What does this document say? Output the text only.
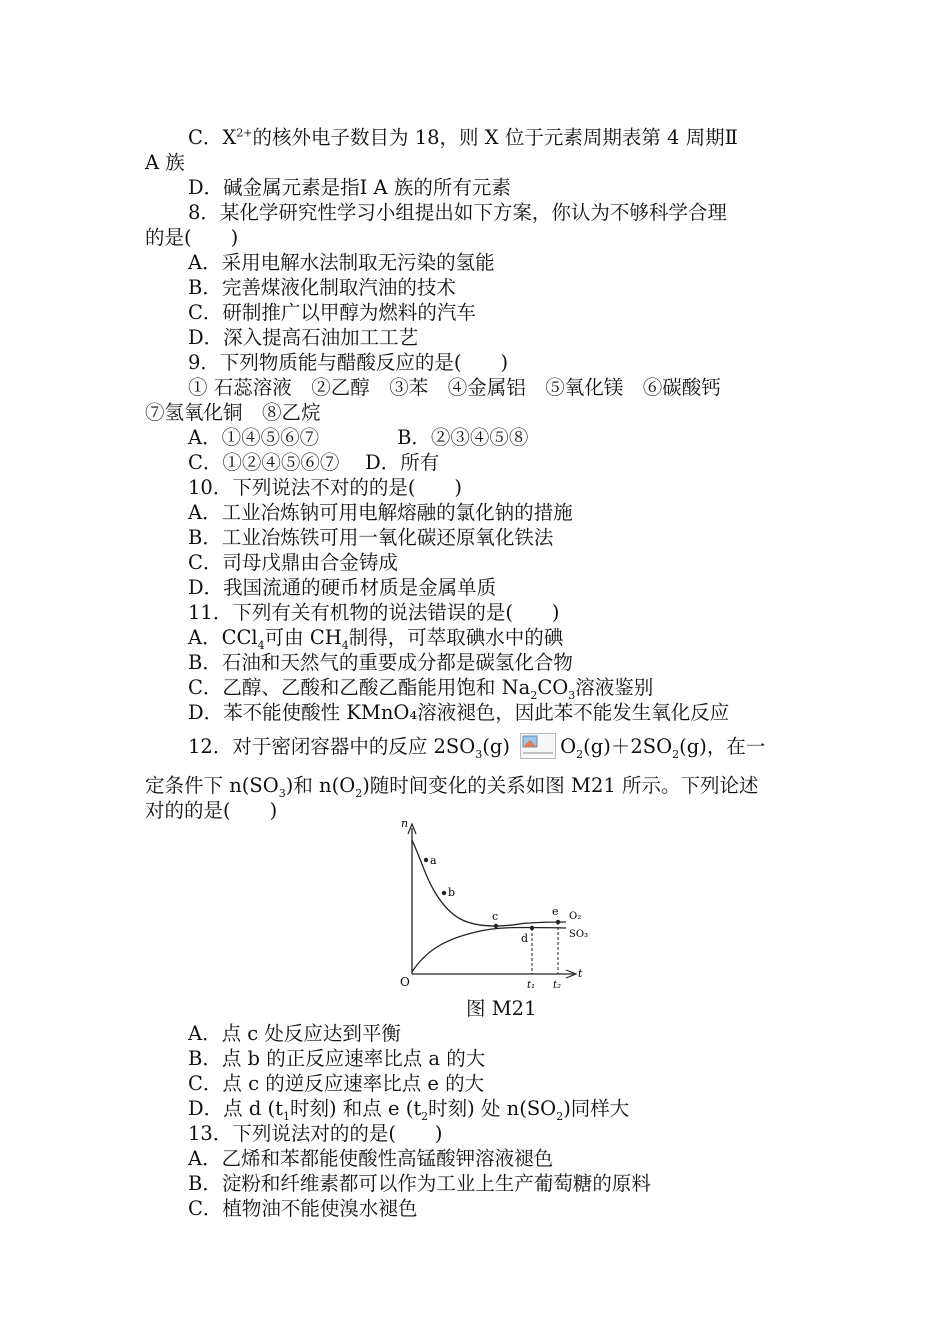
C．$X^{2+}$的核外电子数目为 18，则 X 位于元素周期表第 4 周期Ⅱ
A 族
D．碱金属元素是指Ⅰ A 族的所有元素
8．某化学研究性学习小组提出如下方案，你认为不够科学合理
的是(　　)
A．采用电解水法制取无污染的氢能
B．完善煤液化制取汽油的技术
C．研制推广以甲醇为燃料的汽车
D．深入提高石油加工工艺
9．下列物质能与醋酸反应的是(　　)
① 石蕊溶液　②乙醇　③苯　④金属铝　⑤氧化镁　⑥碳酸钙
⑦氢氧化铜　⑧乙烷
A．①④⑤⑥⑦　　　　B．②③④⑤⑧
C．①②④⑤⑥⑦　 D．所有
10．下列说法不对的的是(　　)
A．工业冶炼钠可用电解熔融的氯化钠的措施
B．工业冶炼铁可用一氧化碳还原氧化铁法
C．司母戊鼎由合金铸成
D．我国流通的硬币材质是金属单质
11．下列有关有机物的说法错误的是(　　)
A．CCl$_4$可由 $CH_4$制得，可萃取碘水中的碘
B．石油和天然气的重要成分都是碳氢化合物
C．乙醇、乙酸和乙酸乙酯能用饱和 $Na_2CO_3$溶液鉴别
D．苯不能使酸性 KMnO₄溶液褪色，因此苯不能发生氧化反应
12．对于密闭容器中的反应 $2SO_3(g)$	$O_2(g)+2SO_2(g)$，在一
定条件下 $n(SO_3)$和 $n(O_2)$随时间变化的关系如图 M21 所示。下列论述
对的的是(　　)
n
t
O
a
b
c
d
e O₂
SO₃
t₁ t₂
图 M21
A．点 c 处反应达到平衡
B．点 b 的正反应速率比点 a 的大
C．点 c 的逆反应速率比点 e 的大
D．点 d ($t_1$时刻) 和点 e ($t_2$时刻) 处 $n(SO_2)$同样大
13．下列说法对的的是(　　)
A．乙烯和苯都能使酸性高锰酸钾溶液褪色
B．淀粉和纤维素都可以作为工业上生产葡萄糖的原料
C．植物油不能使溴水褪色
